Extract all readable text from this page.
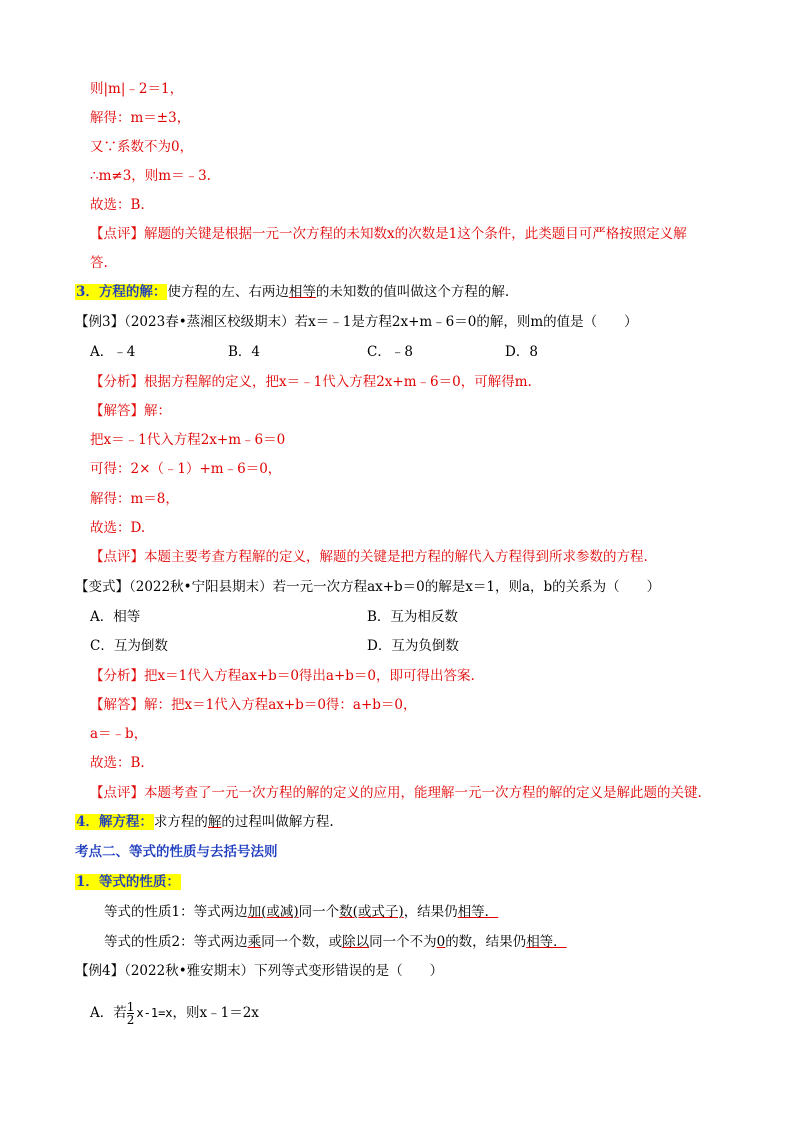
则|m|﹣2＝1，
解得：m＝±3，
又∵系数不为0，
∴m≠3，则m＝﹣3.
故选：B.
【点评】解题的关键是根据一元一次方程的未知数x的次数是1这个条件，此类题目可严格按照定义解
答.
3．方程的解：使方程的左、右两边相等的未知数的值叫做这个方程的解.
【例3】（2023春•蒸湘区校级期末）若x＝﹣1是方程2x+m﹣6＝0的解，则m的值是（　　）
A．﹣4	B．4	C．﹣8	D．8
【分析】根据方程解的定义，把x＝﹣1代入方程2x+m﹣6＝0，可解得m.
【解答】解：
把x＝﹣1代入方程2x+m﹣6＝0
可得：2×（﹣1）+m﹣6＝0，
解得：m＝8，
故选：D.
【点评】本题主要考查方程解的定义，解题的关键是把方程的解代入方程得到所求参数的方程.
【变式】（2022秋•宁阳县期末）若一元一次方程ax+b＝0的解是x＝1，则a，b的关系为（　　）
A．相等	B．互为相反数
C．互为倒数	D．互为负倒数
【分析】把x＝1代入方程ax+b＝0得出a+b＝0，即可得出答案.
【解答】解：把x＝1代入方程ax+b＝0得：a+b＝0，
a＝﹣b，
故选：B.
【点评】本题考查了一元一次方程的解的定义的应用，能理解一元一次方程的解的定义是解此题的关键.
4．解方程：求方程的解的过程叫做解方程.
考点二、等式的性质与去括号法则
1．等式的性质：
等式的性质1：等式两边加(或减)同一个数(或式子)，结果仍相等．
等式的性质2：等式两边乘同一个数，或除以同一个不为0的数，结果仍相等．
【例4】（2022秋•雅安期末）下列等式变形错误的是（　　）
A．若 $\frac{1}{2} x-1=x$，则x﹣1＝2x
